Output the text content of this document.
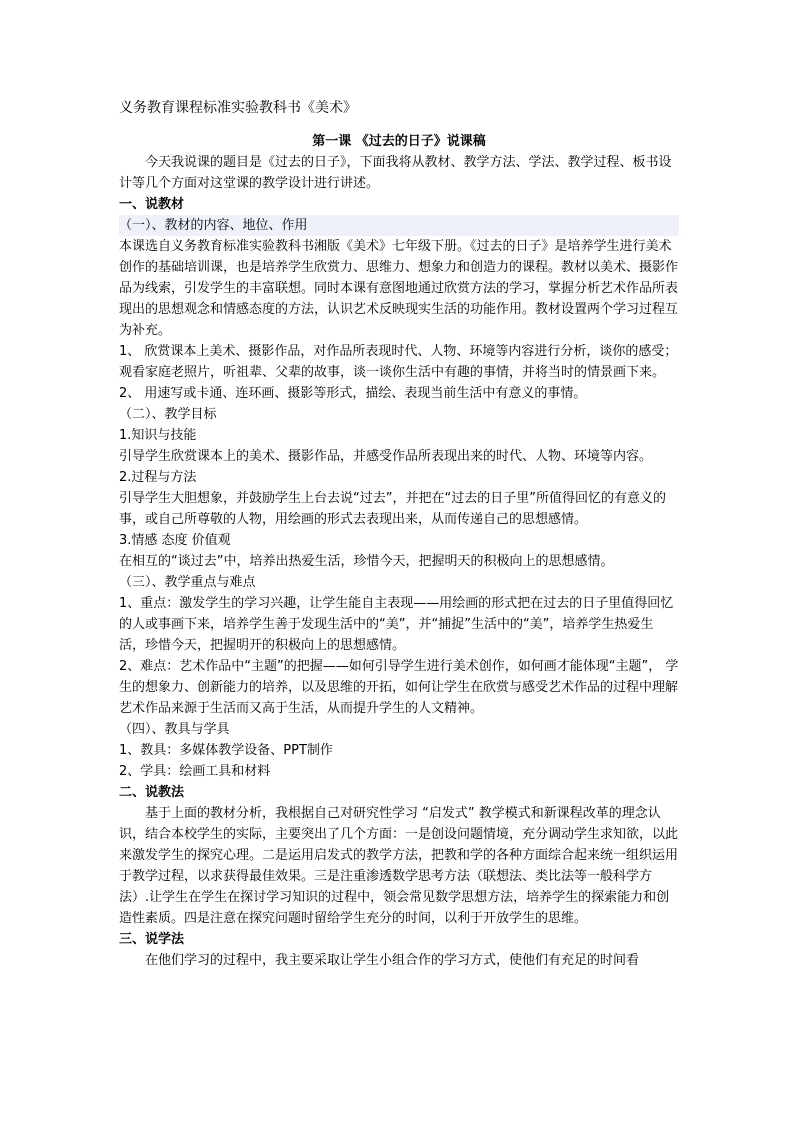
义务教育课程标准实验教科书《美术》

第一课 《过去的日子》说课稿

今天我说课的题目是《过去的日子》，下面我将从教材、教学方法、学法、教学过程、板书设计等几个方面对这堂课的教学设计进行讲述。

一、说教材

（一）、教材的内容、地位、作用

本课选自义务教育标准实验教科书湘版《美术》七年级下册。《过去的日子》是培养学生进行美术创作的基础培训课，也是培养学生欣赏力、思维力、想象力和创造力的课程。教材以美术、摄影作品为线索，引发学生的丰富联想。同时本课有意图地通过欣赏方法的学习，掌握分析艺术作品所表现出的思想观念和情感态度的方法，认识艺术反映现实生活的功能作用。教材设置两个学习过程互为补充。

1、 欣赏课本上美术、摄影作品，对作品所表现时代、人物、环境等内容进行分析，谈你的感受；观看家庭老照片，听祖辈、父辈的故事，谈一谈你生活中有趣的事情，并将当时的情景画下来。

2、 用速写或卡通、连环画、摄影等形式，描绘、表现当前生活中有意义的事情。

（二）、教学目标

1.知识与技能

引导学生欣赏课本上的美术、摄影作品，并感受作品所表现出来的时代、人物、环境等内容。

2.过程与方法

引导学生大胆想象，并鼓励学生上台去说“过去”，并把在“过去的日子里”所值得回忆的有意义的事，或自己所尊敬的人物，用绘画的形式去表现出来，从而传递自己的思想感情。

3.情感 态度 价值观

在相互的“谈过去”中，培养出热爱生活，珍惜今天，把握明天的积极向上的思想感情。

（三）、教学重点与难点

1、重点：激发学生的学习兴趣，让学生能自主表现——用绘画的形式把在过去的日子里值得回忆的人或事画下来，培养学生善于发现生活中的“美”，并“捕捉”生活中的“美”，培养学生热爱生活，珍惜今天，把握明开的积极向上的思想感情。

2、难点：艺术作品中“主题”的把握——如何引导学生进行美术创作，如何画才能体现“主题”， 学生的想象力、创新能力的培养，以及思维的开拓，如何让学生在欣赏与感受艺术作品的过程中理解艺术作品来源于生活而又高于生活，从而提升学生的人文精神。

（四）、教具与学具

1、教具：多媒体教学设备、PPT制作

2、学具：绘画工具和材料

二、说教法

基于上面的教材分析，我根据自己对研究性学习 “启发式” 教学模式和新课程改革的理念认识，结合本校学生的实际，主要突出了几个方面：一是创设问题情境，充分调动学生求知欲，以此来激发学生的探究心理。二是运用启发式的教学方法，把教和学的各种方面综合起来统一组织运用于教学过程，以求获得最佳效果。三是注重渗透数学思考方法（联想法、类比法等一般科学方法）.让学生在学生在探讨学习知识的过程中，领会常见数学思想方法，培养学生的探索能力和创造性素质。四是注意在探究问题时留给学生充分的时间，以利于开放学生的思维。

三、说学法

在他们学习的过程中，我主要采取让学生小组合作的学习方式，使他们有充足的时间看
